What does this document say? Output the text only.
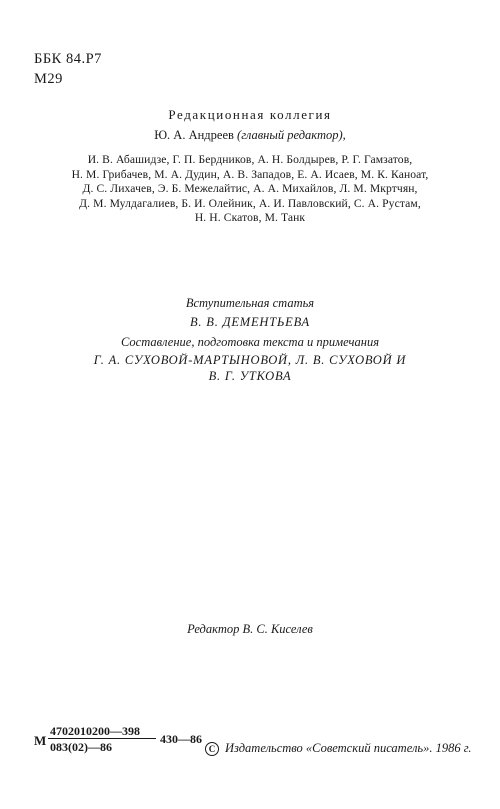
ББК 84.Р7
М29
Редакционная коллегия
Ю. А. Андреев (главный редактор),
И. В. Абашидзе, Г. П. Бердников, А. Н. Болдырев, Р. Г. Гамзатов,
Н. М. Грибачев, М. А. Дудин, А. В. Западов, Е. А. Исаев, М. К. Каноат,
Д. С. Лихачев, Э. Б. Межелайтис, А. А. Михайлов, Л. М. Мкртчян,
Д. М. Мулдагалиев, Б. И. Олейник, А. И. Павловский, С. А. Рустам,
Н. Н. Скатов, М. Танк
Вступительная статья
В. В. ДЕМЕНТЬЕВА
Составление, подготовка текста и примечания
Г. А. СУХОВОЙ-МАРТЫНОВОЙ, Л. В. СУХОВОЙ И
В. Г. УТКОВА
Редактор В. С. Киселев
М
4702010200—398
083(02)—86
430—86
C Издательство «Советский писатель». 1986 г.
